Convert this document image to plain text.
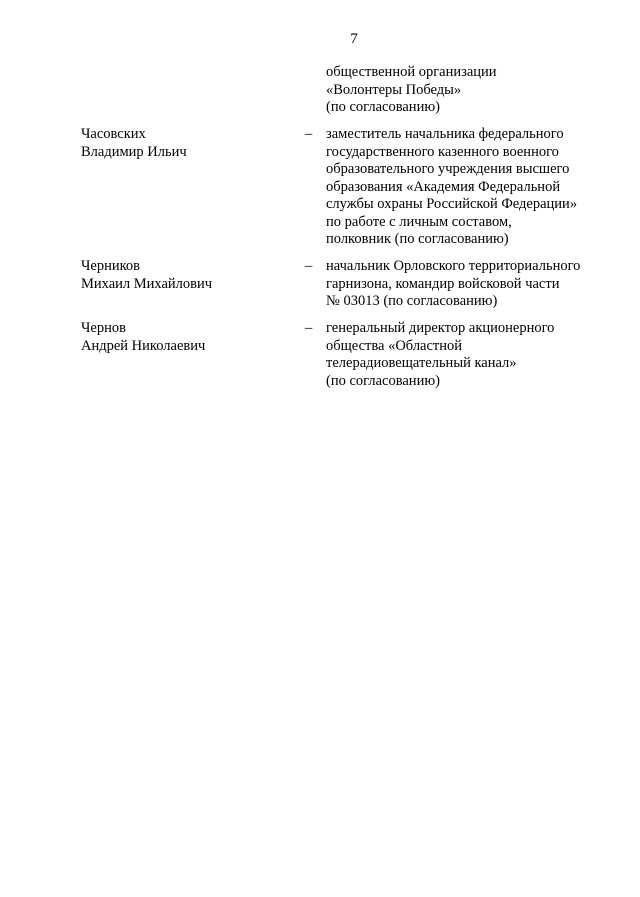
7
общественной организации
«Волонтеры Победы»
(по согласованию)
Часовских
Владимир Ильич
– заместитель начальника федерального
государственного казенного военного
образовательного учреждения высшего
образования «Академия Федеральной
службы охраны Российской Федерации»
по работе с личным составом,
полковник (по согласованию)
Черников
Михаил Михайлович
– начальник Орловского территориального
гарнизона, командир войсковой части
№ 03013 (по согласованию)
Чернов
Андрей Николаевич
– генеральный директор акционерного
общества «Областной
телерадиовещательный канал»
(по согласованию)
